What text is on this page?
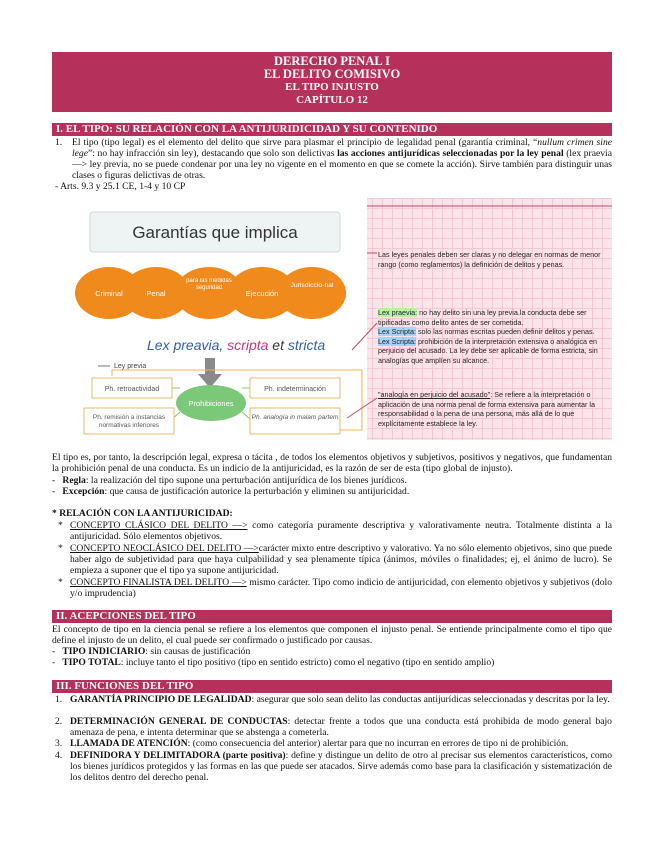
DERECHO PENAL I
EL DELITO COMISIVO
EL TIPO INJUSTO
CAPÍTULO 12
I. EL TIPO: SU RELACIÓN CON LA ANTIJURIDICIDAD Y SU CONTENIDO
1. El tipo (tipo legal) es el elemento del delito que sirve para plasmar el principio de legalidad penal (garantía criminal, “nullum crimen sine lege”: no hay infracción sin ley), destacando que solo son delictivas las acciones antijurídicas seleccionadas por la ley penal (lex praevia —> ley previa, no se puede condenar por una ley no vigente en el momento en que se comete la acción). Sirve también para distinguir unas clases o figuras delictivas de otras.
- Arts. 9.3 y 25.1 CE, 1-4 y 10 CP
Garantías que implica
Criminal	Penal	Ejecución
para las medidas seguridad	Jurisdiccio-nal
Lex preavia, scripta et stricta
Ley previa
Ph. retroactividad	Ph. indeterminación
Prohibiciones
Ph. remisión a instancias normativas inferiores
Ph. analogía in malam partem
Las leyes penales deben ser claras y no delegar en normas de menor rango (como reglamentos) la definición de delitos y penas.
Lex praevia: no hay delito sin una ley previa.la conducta debe ser tipificadas como delito antes de ser cometida.
Lex Scripta: solo las normas escritas pueden definir delitos y penas.
Lex Scripta: prohibición de la interpretación extensiva o analógica en perjuicio del acusado. La ley debe ser aplicable de forma estricta, sin analogías que amplíen su alcance.
"analogía en perjuicio del acusado": Se refiere a la interpretación o aplicación de una norma penal de forma extensiva para aumentar la responsabilidad o la pena de una persona, más allá de lo que explícitamente establece la ley.
El tipo es, por tanto, la descripción legal, expresa o tácita , de todos los elementos objetivos y subjetivos, positivos y negativos, que fundamentan la prohibición penal de una conducta. Es un indicio de la antijuricidad, es la razón de ser de esta (tipo global de injusto).
-   Regla: la realización del tipo supone una perturbación antijurídica de los bienes jurídicos.
-   Excepción: que causa de justificación autorice la perturbación y eliminen su antijuricidad.
* RELACIÓN CON LA ANTIJURICIDAD:
* CONCEPTO CLÁSICO DEL DELITO —> como categoría puramente descriptiva y valorativamente neutra. Totalmente distinta a la antijuricidad. Sólo elementos objetivos.
* CONCEPTO NEOCLÁSICO DEL DELITO —>carácter mixto entre descriptivo y valorativo. Ya no sólo elemento objetivos, sino que puede haber algo de subjetividad para que haya culpabilidad y sea plenamente típica (ánimos, móviles o finalidades; ej, el ánimo de lucro). Se empieza a suponer que el tipo ya supone antijuricidad.
* CONCEPTO FINALISTA DEL DELITO —> mismo carácter. Tipo como indicio de antijuricidad, con elemento objetivos y subjetivos (dolo y/o imprudencia)
II. ACEPCIONES DEL TIPO
El concepto de tipo en la ciencia penal se refiere a los elementos que componen el injusto penal. Se entiende principalmente como el tipo que define el injusto de un delito, el cual puede ser confirmado o justificado por causas.
-   TIPO INDICIARIO: sin causas de justificación
-   TIPO TOTAL: incluye tanto el tipo positivo (tipo en sentido estricto) como el negativo (tipo en sentido amplio)
III. FUNCIONES DEL TIPO
1. GARANTÍA PRINCIPIO DE LEGALIDAD: asegurar que solo sean delito las conductas antijurídicas seleccionadas y descritas por la ley.
2. DETERMINACIÓN GENERAL DE CONDUCTAS: detectar frente a todos que una conducta está prohibida de modo general bajo amenaza de pena, e intenta determinar que se abstenga a cometerla.
3. LLAMADA DE ATENCIÓN: (como consecuencia del anterior) alertar para que no incurran en errores de tipo ni de prohibición.
4. DEFINIDORA Y DELIMITADORA (parte positiva): define y distingue un delito de otro al precisar sus elementos característicos, como los bienes jurídicos protegidos y las formas en las que puede ser atacados. Sirve además como base para la clasificación y sistematización de los delitos dentro del derecho penal.
